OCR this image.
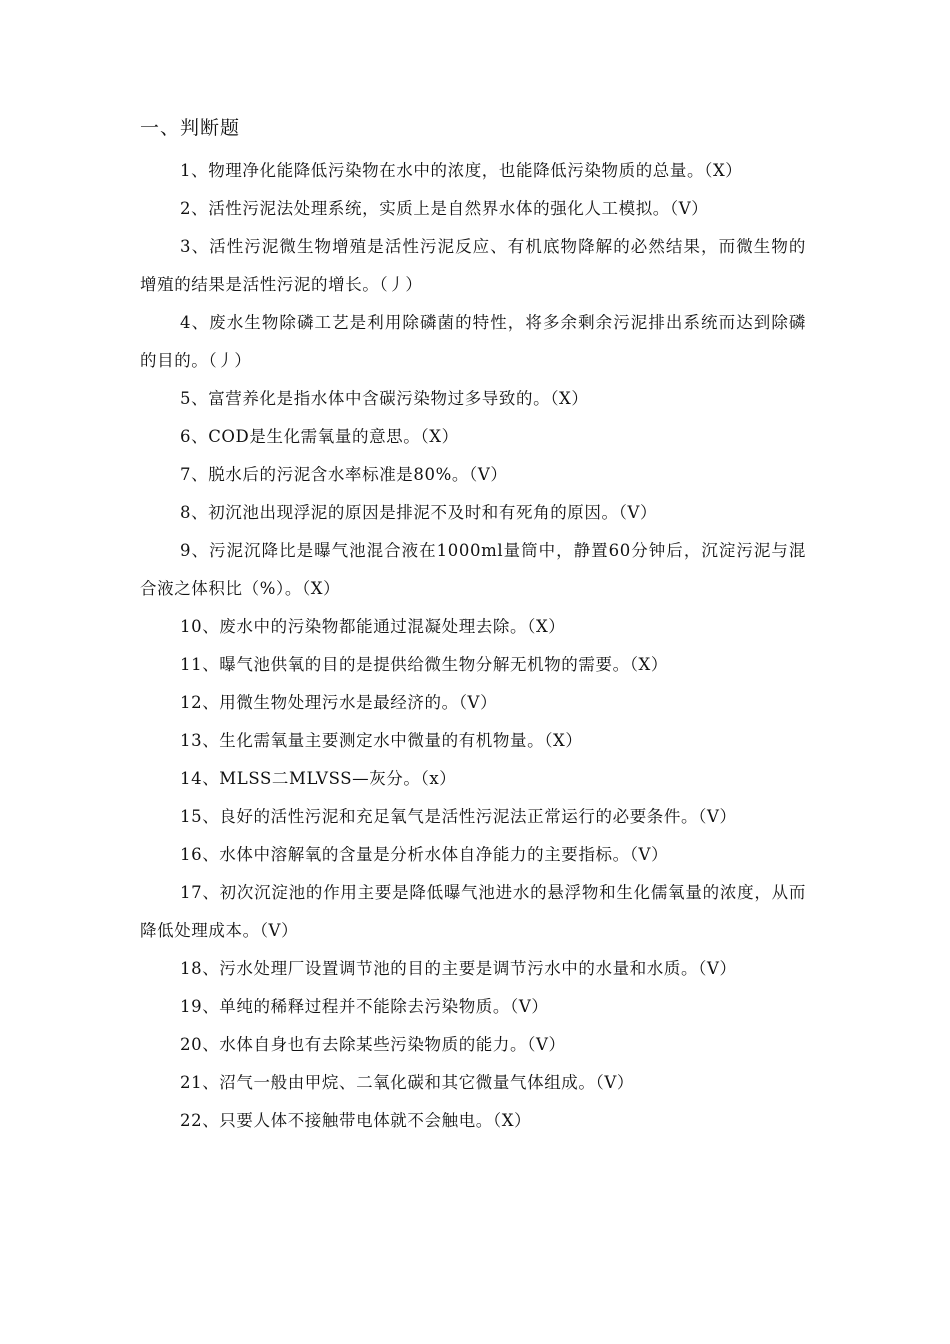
一、判断题

1、物理净化能降低污染物在水中的浓度，也能降低污染物质的总量。（X）

2、活性污泥法处理系统，实质上是自然界水体的强化人工模拟。（V）

3、活性污泥微生物增殖是活性污泥反应、有机底物降解的必然结果，而微生物的增殖的结果是活性污泥的增长。（丿）

4、废水生物除磷工艺是利用除磷菌的特性，将多余剩余污泥排出系统而达到除磷的目的。（丿）

5、富营养化是指水体中含碳污染物过多导致的。（X）

6、COD是生化需氧量的意思。（X）

7、脱水后的污泥含水率标准是80%。（V）

8、初沉池出现浮泥的原因是排泥不及时和有死角的原因。（V）

9、污泥沉降比是曝气池混合液在1000ml量筒中，静置60分钟后，沉淀污泥与混合液之体积比（%）。（X）

10、废水中的污染物都能通过混凝处理去除。（X）

11、曝气池供氧的目的是提供给微生物分解无机物的需要。（X）

12、用微生物处理污水是最经济的。（V）

13、生化需氧量主要测定水中微量的有机物量。（X）

14、MLSS二MLVSS—灰分。（x）

15、良好的活性污泥和充足氧气是活性污泥法正常运行的必要条件。（V）

16、水体中溶解氧的含量是分析水体自净能力的主要指标。（V）

17、初次沉淀池的作用主要是降低曝气池进水的悬浮物和生化儒氧量的浓度，从而降低处理成本。（V）

18、污水处理厂设置调节池的目的主要是调节污水中的水量和水质。（V）

19、单纯的稀释过程并不能除去污染物质。（V）

20、水体自身也有去除某些污染物质的能力。（V）

21、沼气一般由甲烷、二氧化碳和其它微量气体组成。（V）

22、只要人体不接触带电体就不会触电。（X）
